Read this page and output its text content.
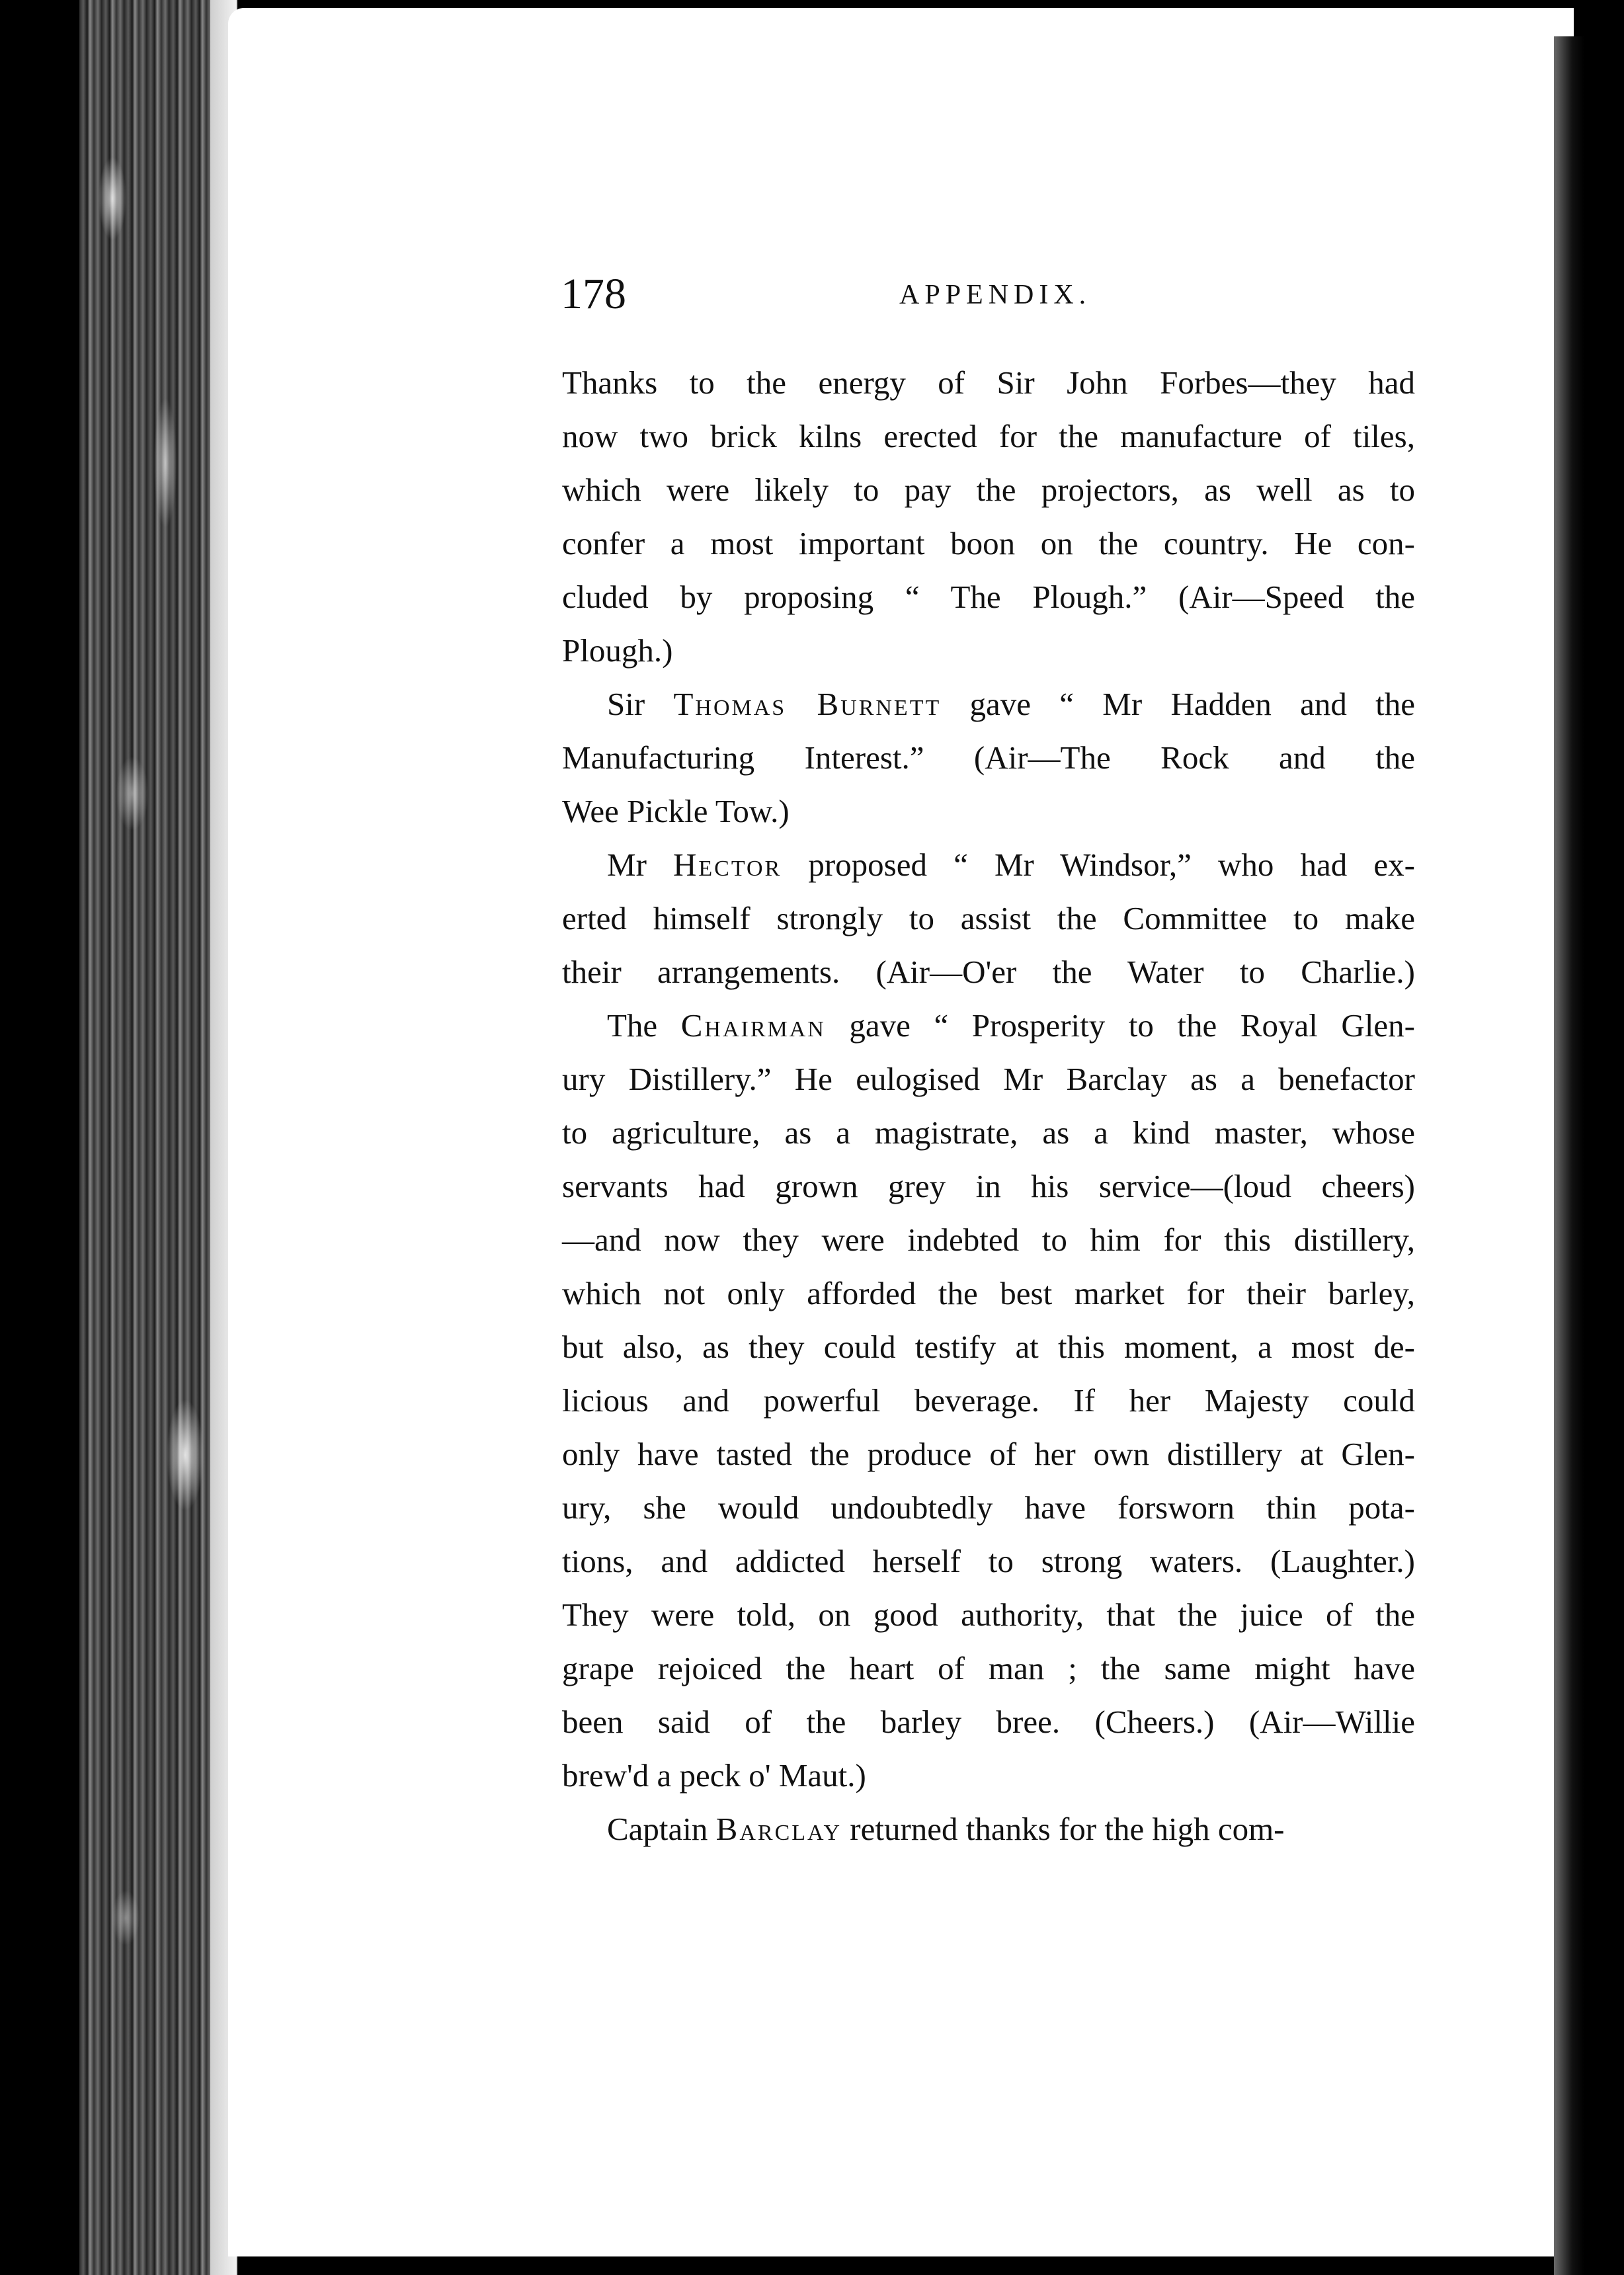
178	APPENDIX.

Thanks to the energy of Sir John Forbes—they had
now two brick kilns erected for the manufacture of tiles,
which were likely to pay the projectors, as well as to
confer a most important boon on the country. He con-
cluded by proposing “ The Plough.” (Air—Speed the
Plough.)

Sir Thomas Burnett gave “ Mr Hadden and the
Manufacturing Interest.” (Air—The Rock and the
Wee Pickle Tow.)

Mr Hector proposed “ Mr Windsor,” who had ex-
erted himself strongly to assist the Committee to make
their arrangements. (Air—O'er the Water to Charlie.)

The Chairman gave “ Prosperity to the Royal Glen-
ury Distillery.” He eulogised Mr Barclay as a benefactor
to agriculture, as a magistrate, as a kind master, whose
servants had grown grey in his service—(loud cheers)
—and now they were indebted to him for this distillery,
which not only afforded the best market for their barley,
but also, as they could testify at this moment, a most de-
licious and powerful beverage. If her Majesty could
only have tasted the produce of her own distillery at Glen-
ury, she would undoubtedly have forsworn thin pota-
tions, and addicted herself to strong waters. (Laughter.)
They were told, on good authority, that the juice of the
grape rejoiced the heart of man ; the same might have
been said of the barley bree. (Cheers.) (Air—Willie
brew'd a peck o' Maut.)

Captain Barclay returned thanks for the high com-
